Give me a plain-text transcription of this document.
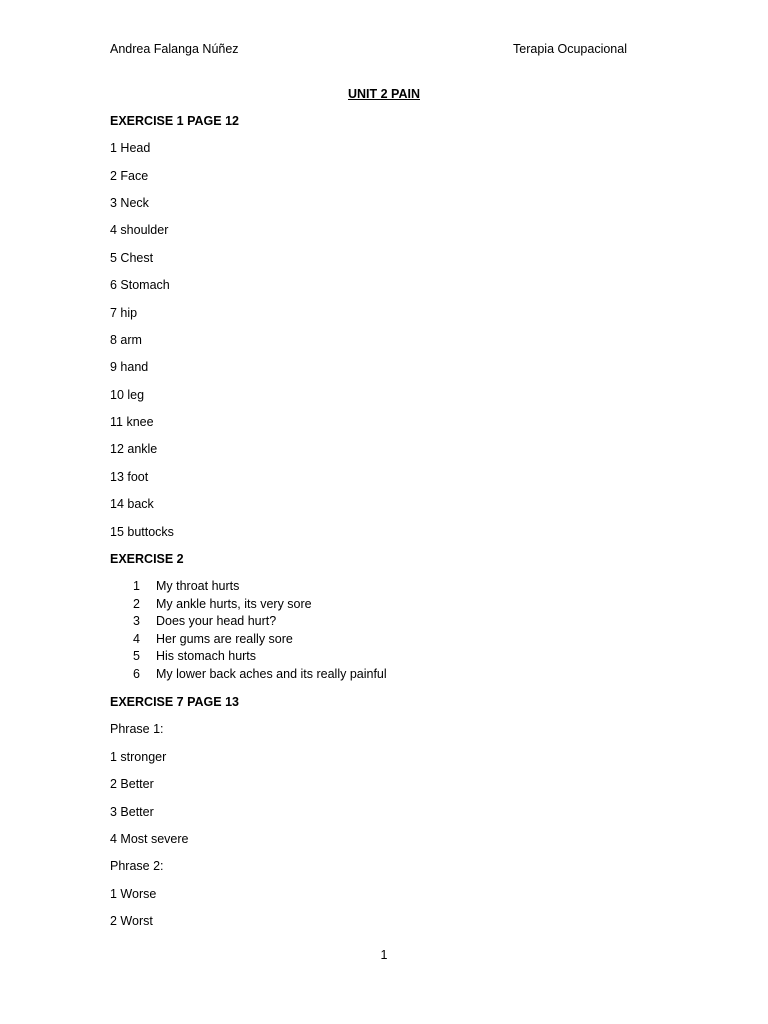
Andrea Falanga Núñez	Terapia Ocupacional
UNIT 2 PAIN
EXERCISE 1 PAGE 12
1 Head
2 Face
3 Neck
4 shoulder
5 Chest
6 Stomach
7 hip
8 arm
9 hand
10 leg
11 knee
12 ankle
13 foot
14 back
15 buttocks
EXERCISE 2
1 My throat hurts
2 My ankle hurts, its very sore
3 Does your head hurt?
4 Her gums are really sore
5 His stomach hurts
6 My lower back aches and its really painful
EXERCISE 7 PAGE 13
Phrase 1:
1 stronger
2 Better
3 Better
4 Most severe
Phrase 2:
1 Worse
2 Worst
1
